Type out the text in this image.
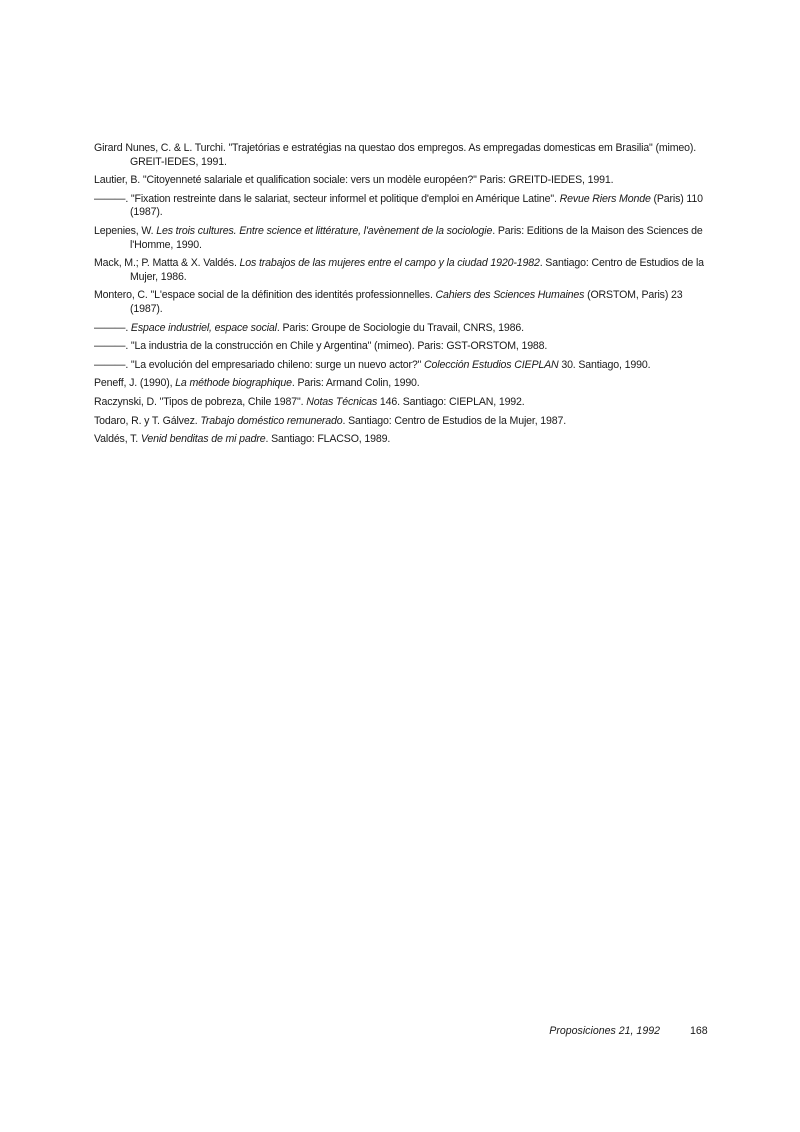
Girard Nunes, C. & L. Turchi. "Trajetórias e estratégias na questao dos empregos. As empregadas domesticas em Brasilia" (mimeo). GREIT-IEDES, 1991.
Lautier, B. "Citoyenneté salariale et qualification sociale: vers un modèle européen?" Paris: GREITD-IEDES, 1991.
———. "Fixation restreinte dans le salariat, secteur informel et politique d'emploi en Amérique Latine". Revue Riers Monde (Paris) 110 (1987).
Lepenies, W. Les trois cultures. Entre science et littérature, l'avènement de la sociologie. Paris: Editions de la Maison des Sciences de l'Homme, 1990.
Mack, M.; P. Matta & X. Valdés. Los trabajos de las mujeres entre el campo y la ciudad 1920-1982. Santiago: Centro de Estudios de la Mujer, 1986.
Montero, C. "L'espace social de la définition des identités professionnelles. Cahiers des Sciences Humaines (ORSTOM, Paris) 23 (1987).
———. Espace industriel, espace social. Paris: Groupe de Sociologie du Travail, CNRS, 1986.
———. "La industria de la construcción en Chile y Argentina" (mimeo). Paris: GST-ORSTOM, 1988.
———. "La evolución del empresariado chileno: surge un nuevo actor?" Colección Estudios CIEPLAN 30. Santiago, 1990.
Peneff, J. (1990), La méthode biographique. Paris: Armand Colin, 1990.
Raczynski, D. "Tipos de pobreza, Chile 1987". Notas Técnicas 146. Santiago: CIEPLAN, 1992.
Todaro, R. y T. Gálvez. Trabajo doméstico remunerado. Santiago: Centro de Estudios de la Mujer, 1987.
Valdés, T. Venid benditas de mi padre. Santiago: FLACSO, 1989.
Proposiciones 21, 1992	168
